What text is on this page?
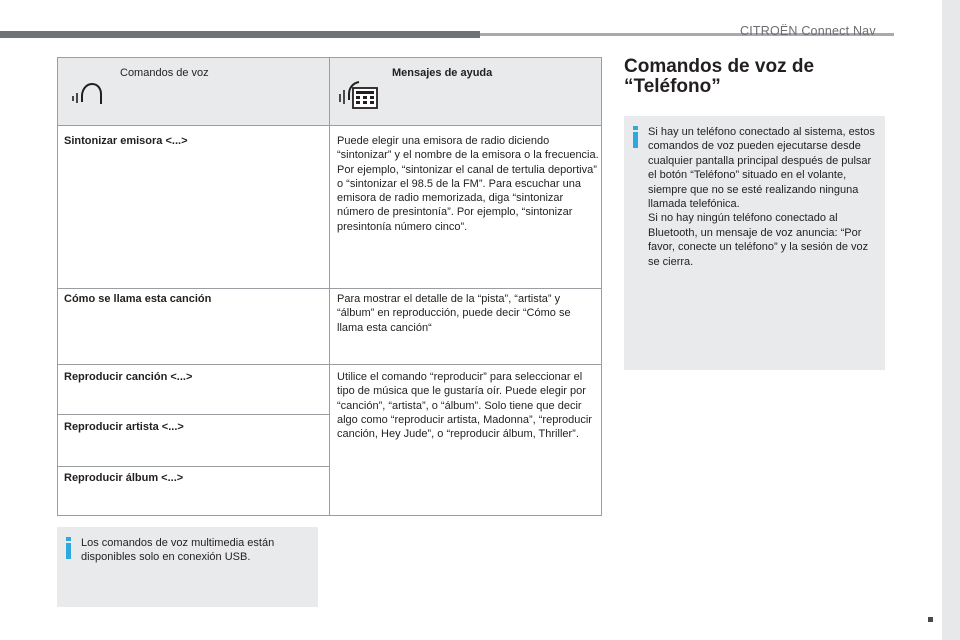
CITROËN Connect Nav
Comandos de voz	Mensajes de ayuda
Sintonizar emisora <...>	Puede elegir una emisora de radio diciendo “sintonizar” y el nombre de la emisora o la frecuencia. Por ejemplo, “sintonizar el canal de tertulia deportiva” o “sintonizar el 98.5 de la FM”. Para escuchar una emisora de radio memorizada, diga “sintonizar número de presintonía”. Por ejemplo, “sintonizar presintonía número cinco”.
Cómo se llama esta canción	Para mostrar el detalle de la “pista”, “artista” y “álbum” en reproducción, puede decir “Cómo se llama esta canción“
Reproducir canción <...>	Utilice el comando “reproducir” para seleccionar el tipo de música que le gustaría oír. Puede elegir por “canción”, “artista”, o “álbum”. Solo tiene que decir algo como “reproducir artista, Madonna”, “reproducir canción, Hey Jude”, o “reproducir álbum, Thriller”.
Reproducir artista <...>
Reproducir álbum <...>
Los comandos de voz multimedia están disponibles solo en conexión USB.
Comandos de voz de “Teléfono”

Si hay un teléfono conectado al sistema, estos comandos de voz pueden ejecutarse desde cualquier pantalla principal después de pulsar el botón “Teléfono” situado en el volante, siempre que no se esté realizando ninguna llamada telefónica.

Si no hay ningún teléfono conectado al Bluetooth, un mensaje de voz anuncia: “Por favor, conecte un teléfono” y la sesión de voz se cierra.
